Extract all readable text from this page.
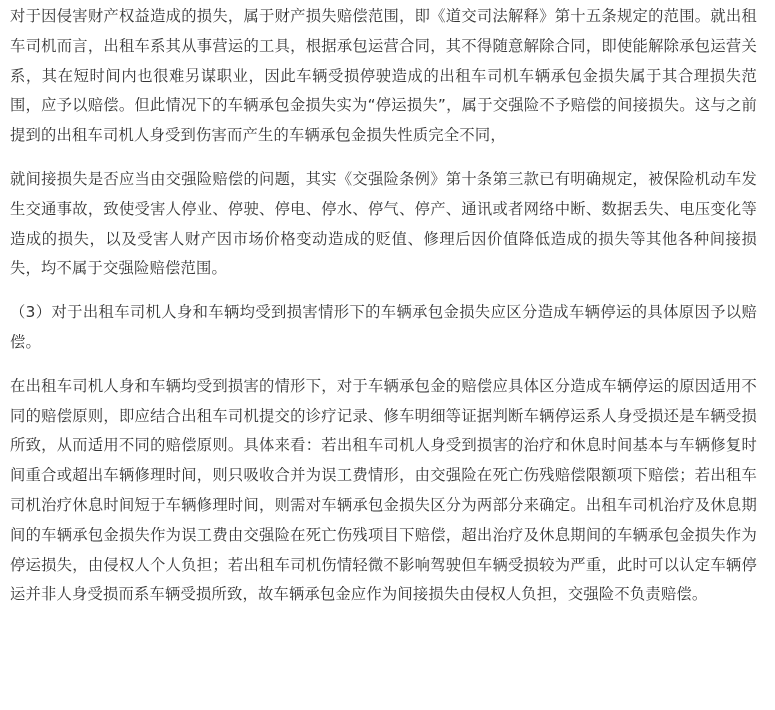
对于因侵害财产权益造成的损失，属于财产损失赔偿范围，即《道交司法解释》第十五条规定的范围。就出租车司机而言，出租车系其从事营运的工具，根据承包运营合同，其不得随意解除合同，即使能解除承包运营关系，其在短时间内也很难另谋职业，因此车辆受损停驶造成的出租车司机车辆承包金损失属于其合理损失范围，应予以赔偿。但此情况下的车辆承包金损失实为“停运损失”，属于交强险不予赔偿的间接损失。这与之前提到的出租车司机人身受到伤害而产生的车辆承包金损失性质完全不同，

就间接损失是否应当由交强险赔偿的问题，其实《交强险条例》第十条第三款已有明确规定，被保险机动车发生交通事故，致使受害人停业、停驶、停电、停水、停气、停产、通讯或者网络中断、数据丢失、电压变化等造成的损失，以及受害人财产因市场价格变动造成的贬值、修理后因价值降低造成的损失等其他各种间接损失，均不属于交强险赔偿范围。

（3）对于出租车司机人身和车辆均受到损害情形下的车辆承包金损失应区分造成车辆停运的具体原因予以赔偿。

在出租车司机人身和车辆均受到损害的情形下，对于车辆承包金的赔偿应具体区分造成车辆停运的原因适用不同的赔偿原则，即应结合出租车司机提交的诊疗记录、修车明细等证据判断车辆停运系人身受损还是车辆受损所致，从而适用不同的赔偿原则。具体来看：若出租车司机人身受到损害的治疗和休息时间基本与车辆修复时间重合或超出车辆修理时间，则只吸收合并为误工费情形，由交强险在死亡伤残赔偿限额项下赔偿；若出租车司机治疗休息时间短于车辆修理时间，则需对车辆承包金损失区分为两部分来确定。出租车司机治疗及休息期间的车辆承包金损失作为误工费由交强险在死亡伤残项目下赔偿，超出治疗及休息期间的车辆承包金损失作为停运损失，由侵权人个人负担；若出租车司机伤情轻微不影响驾驶但车辆受损较为严重，此时可以认定车辆停运并非人身受损而系车辆受损所致，故车辆承包金应作为间接损失由侵权人负担，交强险不负责赔偿。
